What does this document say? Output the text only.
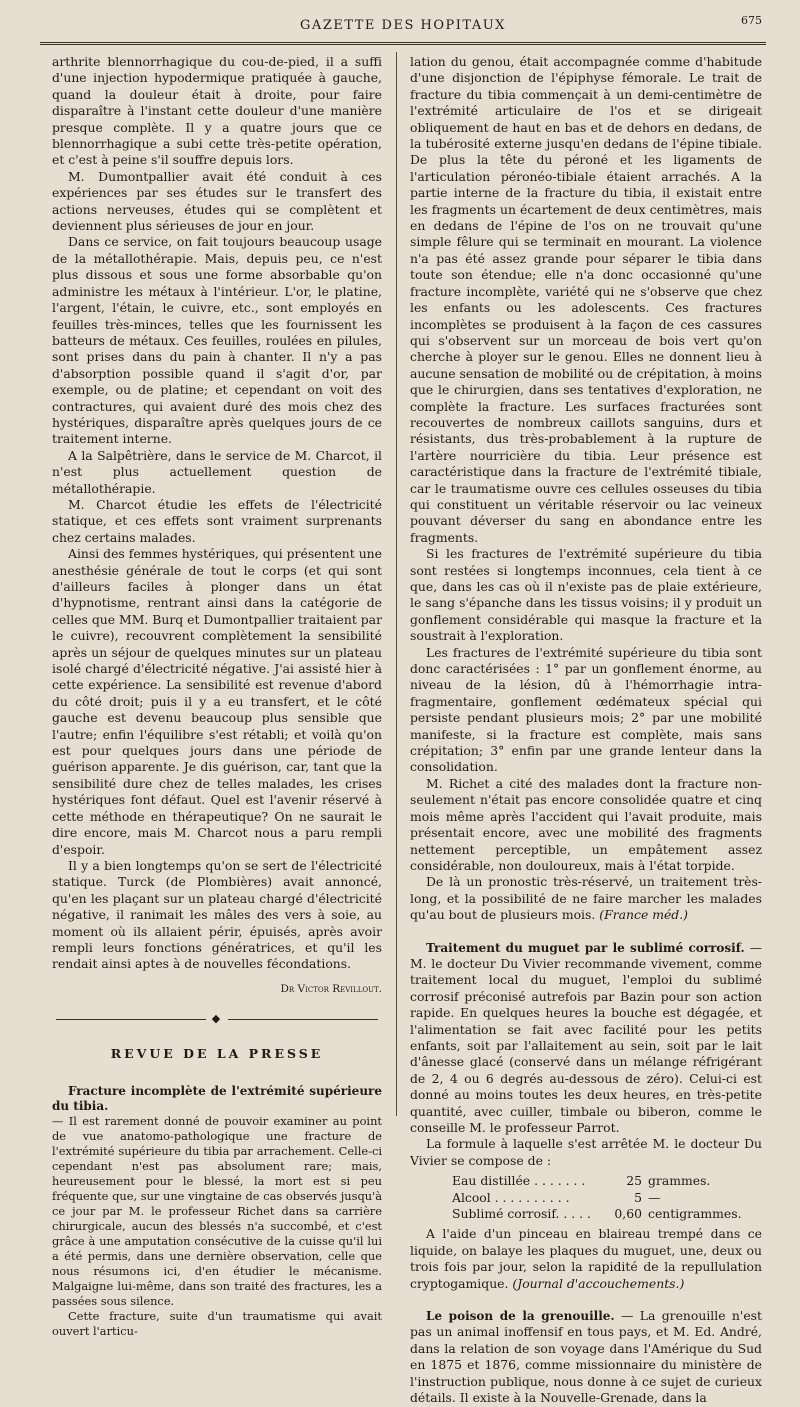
GAZETTE DES HOPITAUX	675

arthrite blennorrhagique du cou-de-pied, il a suffi d'une injection hypodermique pratiquée à gauche, quand la douleur était à droite, pour faire disparaître à l'instant cette douleur d'une manière presque complète. Il y a quatre jours que ce blennorrhagique a subi cette très-petite opération, et c'est à peine s'il souffre depuis lors.

M. Dumontpallier avait été conduit à ces expériences par ses études sur le transfert des actions nerveuses, études qui se complètent et deviennent plus sérieuses de jour en jour.

Dans ce service, on fait toujours beaucoup usage de la métallothérapie. Mais, depuis peu, ce n'est plus dissous et sous une forme absorbable qu'on administre les métaux à l'intérieur. L'or, le platine, l'argent, l'étain, le cuivre, etc., sont employés en feuilles très-minces, telles que les fournissent les batteurs de métaux. Ces feuilles, roulées en pilules, sont prises dans du pain à chanter. Il n'y a pas d'absorption possible quand il s'agit d'or, par exemple, ou de platine; et cependant on voit des contractures, qui avaient duré des mois chez des hystériques, disparaître après quelques jours de ce traitement interne.

A la Salpêtrière, dans le service de M. Charcot, il n'est plus actuellement question de métallothérapie.

M. Charcot étudie les effets de l'électricité statique, et ces effets sont vraiment surprenants chez certains malades.

Ainsi des femmes hystériques, qui présentent une anesthésie générale de tout le corps (et qui sont d'ailleurs faciles à plonger dans un état d'hypnotisme, rentrant ainsi dans la catégorie de celles que MM. Burq et Dumontpallier traitaient par le cuivre), recouvrent complètement la sensibilité après un séjour de quelques minutes sur un plateau isolé chargé d'électricité négative. J'ai assisté hier à cette expérience. La sensibilité est revenue d'abord du côté droit; puis il y a eu transfert, et le côté gauche est devenu beaucoup plus sensible que l'autre; enfin l'équilibre s'est rétabli; et voilà qu'on est pour quelques jours dans une période de guérison apparente. Je dis guérison, car, tant que la sensibilité dure chez de telles malades, les crises hystériques font défaut. Quel est l'avenir réservé à cette méthode en thérapeutique? On ne saurait le dire encore, mais M. Charcot nous a paru rempli d'espoir.

Il y a bien longtemps qu'on se sert de l'électricité statique. Turck (de Plombières) avait annoncé, qu'en les plaçant sur un plateau chargé d'électricité négative, il ranimait les mâles des vers à soie, au moment où ils allaient périr, épuisés, après avoir rempli leurs fonctions génératrices, et qu'il les rendait ainsi aptes à de nouvelles fécondations.

Dr Victor Revillout.
◆
REVUE DE LA PRESSE

Fracture incomplète de l'extrémité supérieure du tibia.

— Il est rarement donné de pouvoir examiner au point de vue anatomo-pathologique une fracture de l'extrémité supérieure du tibia par arrachement. Celle-ci cependant n'est pas absolument rare; mais, heureusement pour le blessé, la mort est si peu fréquente que, sur une vingtaine de cas observés jusqu'à ce jour par M. le professeur Richet dans sa carrière chirurgicale, aucun des blessés n'a succombé, et c'est grâce à une amputation consécutive de la cuisse qu'il lui a été permis, dans une dernière observation, celle que nous résumons ici, d'en étudier le mécanisme. Malgaigne lui-même, dans son traité des fractures, les a passées sous silence.

Cette fracture, suite d'un traumatisme qui avait ouvert l'articu-

lation du genou, était accompagnée comme d'habitude d'une disjonction de l'épiphyse fémorale. Le trait de fracture du tibia commençait à un demi-centimètre de l'extrémité articulaire de l'os et se dirigeait obliquement de haut en bas et de dehors en dedans, de la tubérosité externe jusqu'en dedans de l'épine tibiale. De plus la tête du péroné et les ligaments de l'articulation péronéo-tibiale étaient arrachés. A la partie interne de la fracture du tibia, il existait entre les fragments un écartement de deux centimètres, mais en dedans de l'épine de l'os on ne trouvait qu'une simple fêlure qui se terminait en mourant. La violence n'a pas été assez grande pour séparer le tibia dans toute son étendue; elle n'a donc occasionné qu'une fracture incomplète, variété qui ne s'observe que chez les enfants ou les adolescents. Ces fractures incomplètes se produisent à la façon de ces cassures qui s'observent sur un morceau de bois vert qu'on cherche à ployer sur le genou. Elles ne donnent lieu à aucune sensation de mobilité ou de crépitation, à moins que le chirurgien, dans ses tentatives d'exploration, ne complète la fracture. Les surfaces fracturées sont recouvertes de nombreux caillots sanguins, durs et résistants, dus très-probablement à la rupture de l'artère nourricière du tibia. Leur présence est caractéristique dans la fracture de l'extrémité tibiale, car le traumatisme ouvre ces cellules osseuses du tibia qui constituent un véritable réservoir ou lac veineux pouvant déverser du sang en abondance entre les fragments.

Si les fractures de l'extrémité supérieure du tibia sont restées si longtemps inconnues, cela tient à ce que, dans les cas où il n'existe pas de plaie extérieure, le sang s'épanche dans les tissus voisins; il y produit un gonflement considérable qui masque la fracture et la soustrait à l'exploration.

Les fractures de l'extrémité supérieure du tibia sont donc caractérisées : 1° par un gonflement énorme, au niveau de la lésion, dû à l'hémorrhagie intra-fragmentaire, gonflement œdémateux spécial qui persiste pendant plusieurs mois; 2° par une mobilité manifeste, si la fracture est complète, mais sans crépitation; 3° enfin par une grande lenteur dans la consolidation.

M. Richet a cité des malades dont la fracture non-seulement n'était pas encore consolidée quatre et cinq mois même après l'accident qui l'avait produite, mais présentait encore, avec une mobilité des fragments nettement perceptible, un empâtement assez considérable, non douloureux, mais à l'état torpide.

De là un pronostic très-réservé, un traitement très-long, et la possibilité de ne faire marcher les malades qu'au bout de plusieurs mois. (France méd.)

Traitement du muguet par le sublimé corrosif. — M. le docteur Du Vivier recommande vivement, comme traitement local du muguet, l'emploi du sublimé corrosif préconisé autrefois par Bazin pour son action rapide. En quelques heures la bouche est dégagée, et l'alimentation se fait avec facilité pour les petits enfants, soit par l'allaitement au sein, soit par le lait d'ânesse glacé (conservé dans un mélange réfrigérant de 2, 4 ou 6 degrés au-dessous de zéro). Celui-ci est donné au moins toutes les deux heures, en très-petite quantité, avec cuiller, timbale ou biberon, comme le conseille M. le professeur Parrot.

La formule à laquelle s'est arrêtée M. le docteur Du Vivier se compose de :

Eau distillée . . . . . . .	25 grammes.
Alcool . . . . . . . . . .	5 —
Sublimé corrosif. . . . .	0,60 centigrammes.

A l'aide d'un pinceau en blaireau trempé dans ce liquide, on balaye les plaques du muguet, une, deux ou trois fois par jour, selon la rapidité de la repullulation cryptogamique. (Journal d'accouchements.)

Le poison de la grenouille. — La grenouille n'est pas un animal inoffensif en tous pays, et M. Ed. André, dans la relation de son voyage dans l'Amérique du Sud en 1875 et 1876, comme missionnaire du ministère de l'instruction publique, nous donne à ce sujet de curieux détails. Il existe à la Nouvelle-Grenade, dans la
